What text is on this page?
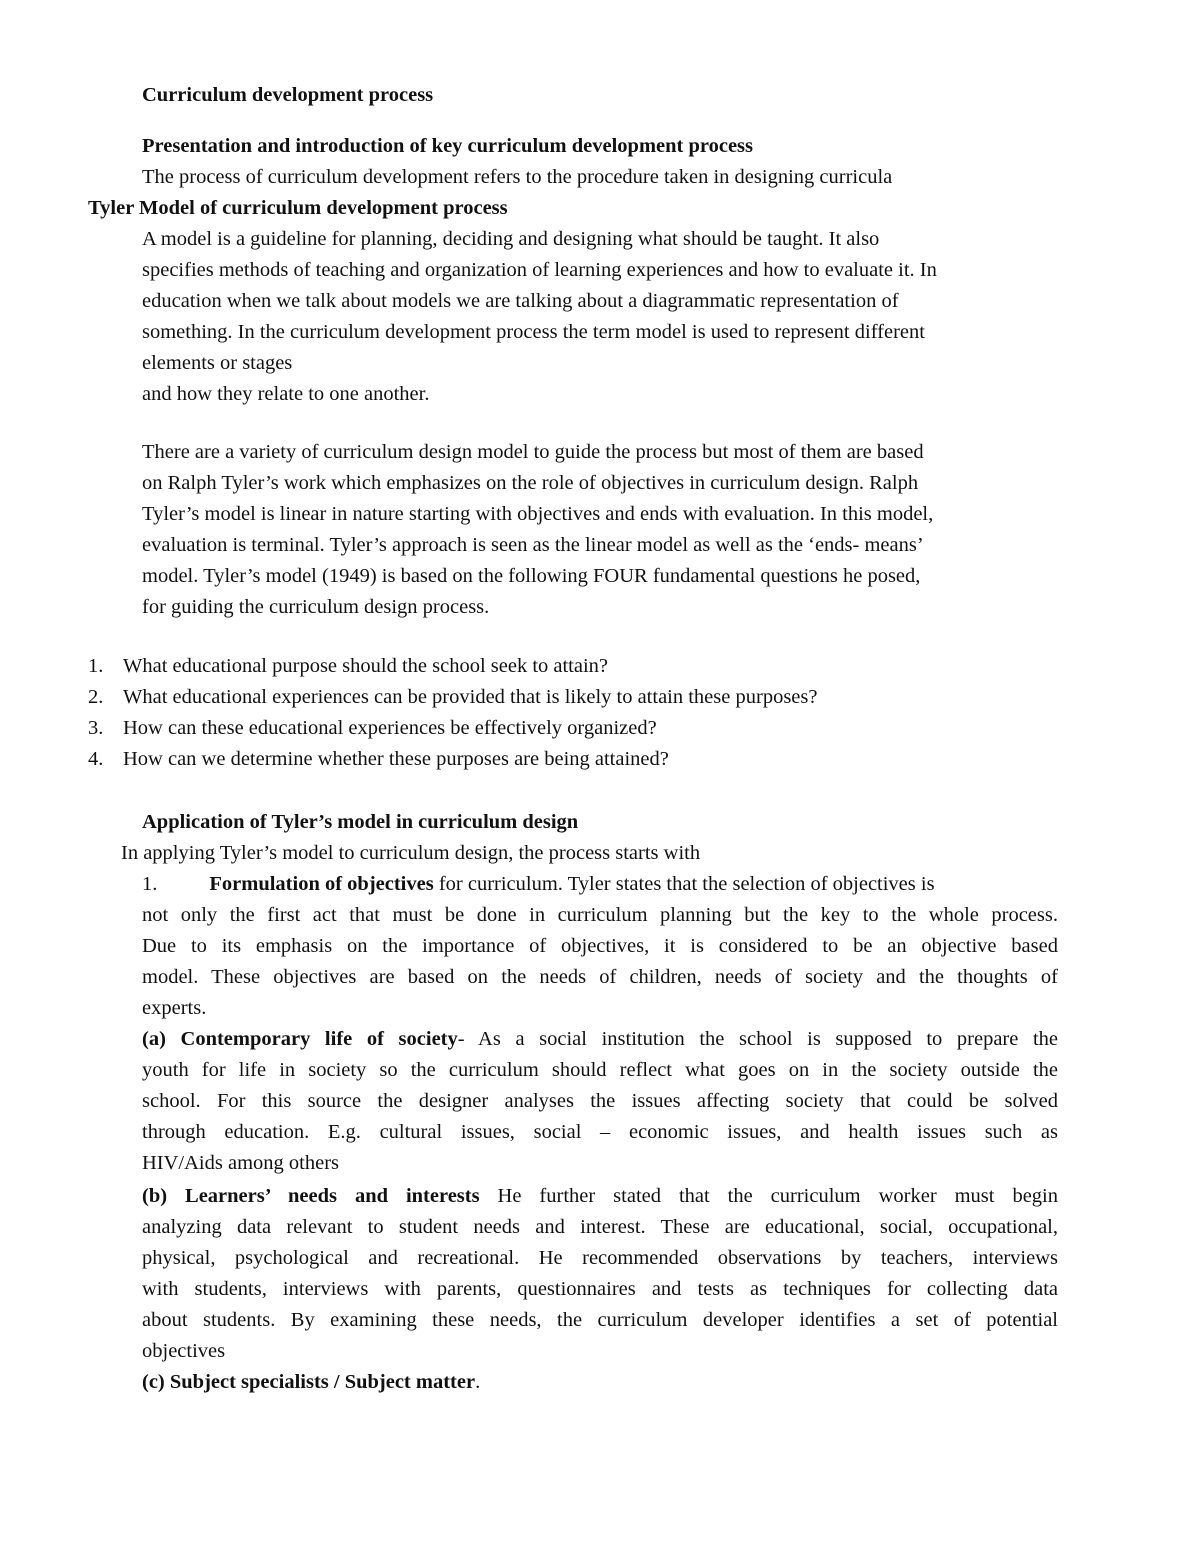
Curriculum development process
Presentation and introduction of key curriculum development process
The process of curriculum development refers to the procedure taken in designing curricula
Tyler Model of curriculum development process
A model is a guideline for planning, deciding and designing what should be taught. It also
specifies methods of teaching and organization of learning experiences and how to evaluate it. In
education when we talk about models we are talking about a diagrammatic representation of
something. In the curriculum development process the term model is used to represent different
elements or stages
and how they relate to one another.
There are a variety of curriculum design model to guide the process but most of them are based
on Ralph Tyler’s work which emphasizes on the role of objectives in curriculum design. Ralph
Tyler’s model is linear in nature starting with objectives and ends with evaluation. In this model,
evaluation is terminal. Tyler’s approach is seen as the linear model as well as the ‘ends- means’
model. Tyler’s model (1949) is based on the following FOUR fundamental questions he posed,
for guiding the curriculum design process.
1. What educational purpose should the school seek to attain?
2. What educational experiences can be provided that is likely to attain these purposes?
3. How can these educational experiences be effectively organized?
4. How can we determine whether these purposes are being attained?
Application of Tyler’s model in curriculum design
In applying Tyler’s model to curriculum design, the process starts with
1.	Formulation of objectives for curriculum. Tyler states that the selection of objectives is
not only the first act that must be done in curriculum planning but the key to the whole process.
Due to its emphasis on the importance of objectives, it is considered to be an objective based
model. These objectives are based on the needs of children, needs of society and the thoughts of
experts.
(a) Contemporary life of society- As a social institution the school is supposed to prepare the
youth for life in society so the curriculum should reflect what goes on in the society outside the
school. For this source the designer analyses the issues affecting society that could be solved
through education. E.g. cultural issues, social – economic issues, and health issues such as
HIV/Aids among others
(b) Learners’ needs and interests He further stated that the curriculum worker must begin
analyzing data relevant to student needs and interest. These are educational, social, occupational,
physical, psychological and recreational. He recommended observations by teachers, interviews
with students, interviews with parents, questionnaires and tests as techniques for collecting data
about students. By examining these needs, the curriculum developer identifies a set of potential
objectives
(c) Subject specialists / Subject matter.
